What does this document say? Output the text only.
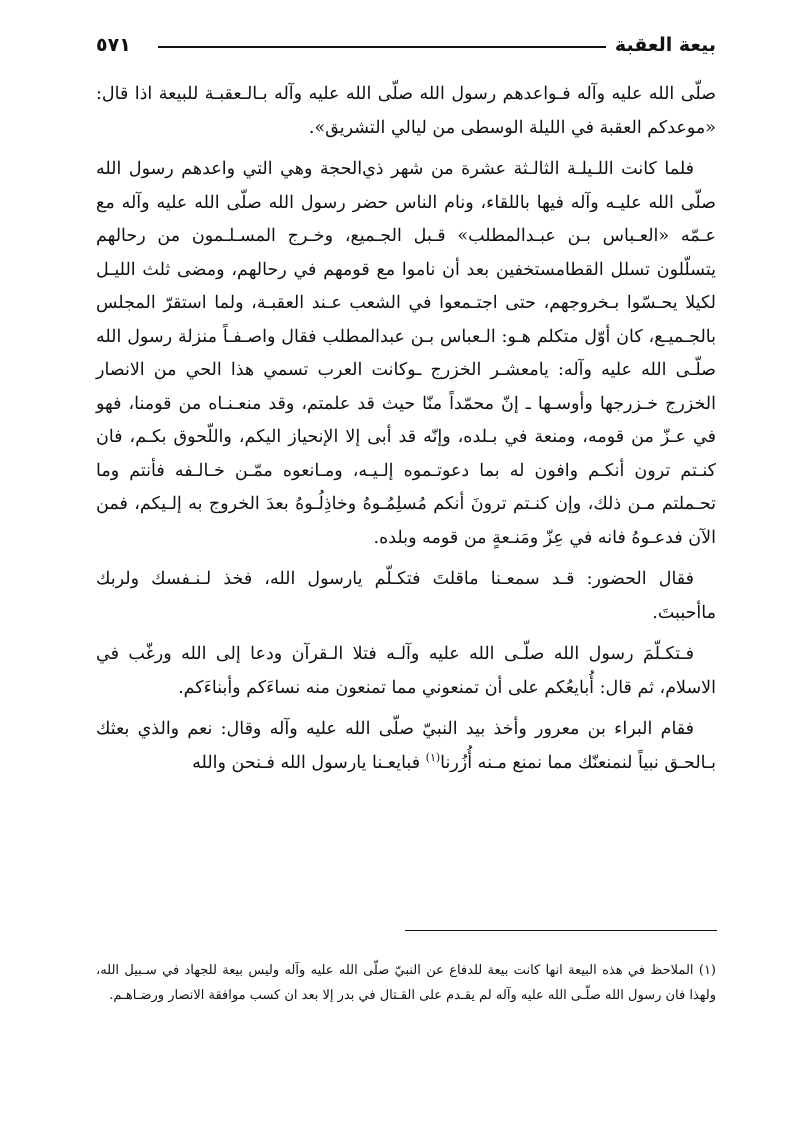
بيعة العقبة
٥٧١

صلّى الله عليه وآله فـواعدهم رسول الله صلّى الله عليه وآله بـالـعقبـة للبيعة اذا قال: «موعدكم العقبة في الليلة الوسطى من ليالي التشريق».

فلما كانت اللـيلـة الثالـثة عشرة من شهر ذي‌الحجة وهي التي واعدهم رسول الله صلّى الله عليـه وآله فيها باللقاء، ونام الناس حضر رسول الله صلّى الله عليه وآله مع عـمّه «العـباس بـن عبـدالمطلب» قـبل الجـميع، وخـرج المسـلـمون من رحالهم يتسلّلون تسلل القطامستخفين بعد أن ناموا مع قومهم في رحالهم، ومضى ثلث الليـل لكيلا يحـسّوا بـخروجهم، حتى اجتـمعوا في الشعب عـند العقبـة، ولما استقرّ المجلس بالجـميـع، كان أوّل متكلم هـو: الـعباس بـن عبدالمطلب فقال واصـفـاً منزلة رسول الله صلّـى الله عليه وآله: يامعشـر الخزرج ـوكانت العرب تسمي هذا الحي من الانصار الخزرج خـزرجها وأوسـها ـ إنّ محمّداً منّا حيث قد علمتم، وقد منعـنـاه من قومنا، فهو في عـزّ من قومه، ومنعة في بـلده، وإنّه قد أبى إلا الإنحياز اليكم، واللّحوق بكـم، فان كنـتم ترون أنكـم وافون له بما دعوتـموه إلـيـه، ومـانعوه ممّـن خـالـفه فأنتم وما تحـملتم مـن ذلك، وإن كنـتم ترونَ أنكم مُسلِمُـوهُ وخاذِلُـوهُ بعدَ الخروج به إلـيكم، فمن الآن فدعـوهُ فانه في عِزّ ومَنـعةٍ من قومه وبلده.

فقال الحضور: قـد سمعـنا ماقلتَ فتكـلّم يارسول الله، فخذ لـنـفسك ولربك ماأحببتَ.

فـتكـلّمَ رسول الله صلّـى الله عليه وآلـه فتلا الـقرآن ودعا إلى الله ورغّب في الاسلام، ثم قال: أُبايعُكم على أن تمنعوني مما تمنعون منه نساءَكم وأبناءَكم.

فقام البراء بن معرور وأخذ بيد النبيّ صلّى الله عليه وآله وقال: نعم والذي بعثك بـالحـق نبياً لنمنعنّك مما نمنع مـنه أُزُرنا$^{(١)}$ فبايعـنا يارسول الله فـنحن والله

(١) الملاحظ في هذه البيعة انها كانت بيعة للدفاع عن النبيّ صلّى الله عليه وآله وليس بيعة للجهاد في سـبيل الله، ولهذا فان رسول الله صلّـى الله عليه وآله لم يقـدم على القـتال في بدر إلا بعد ان كسب موافقة الانصار ورضـاهـم.
